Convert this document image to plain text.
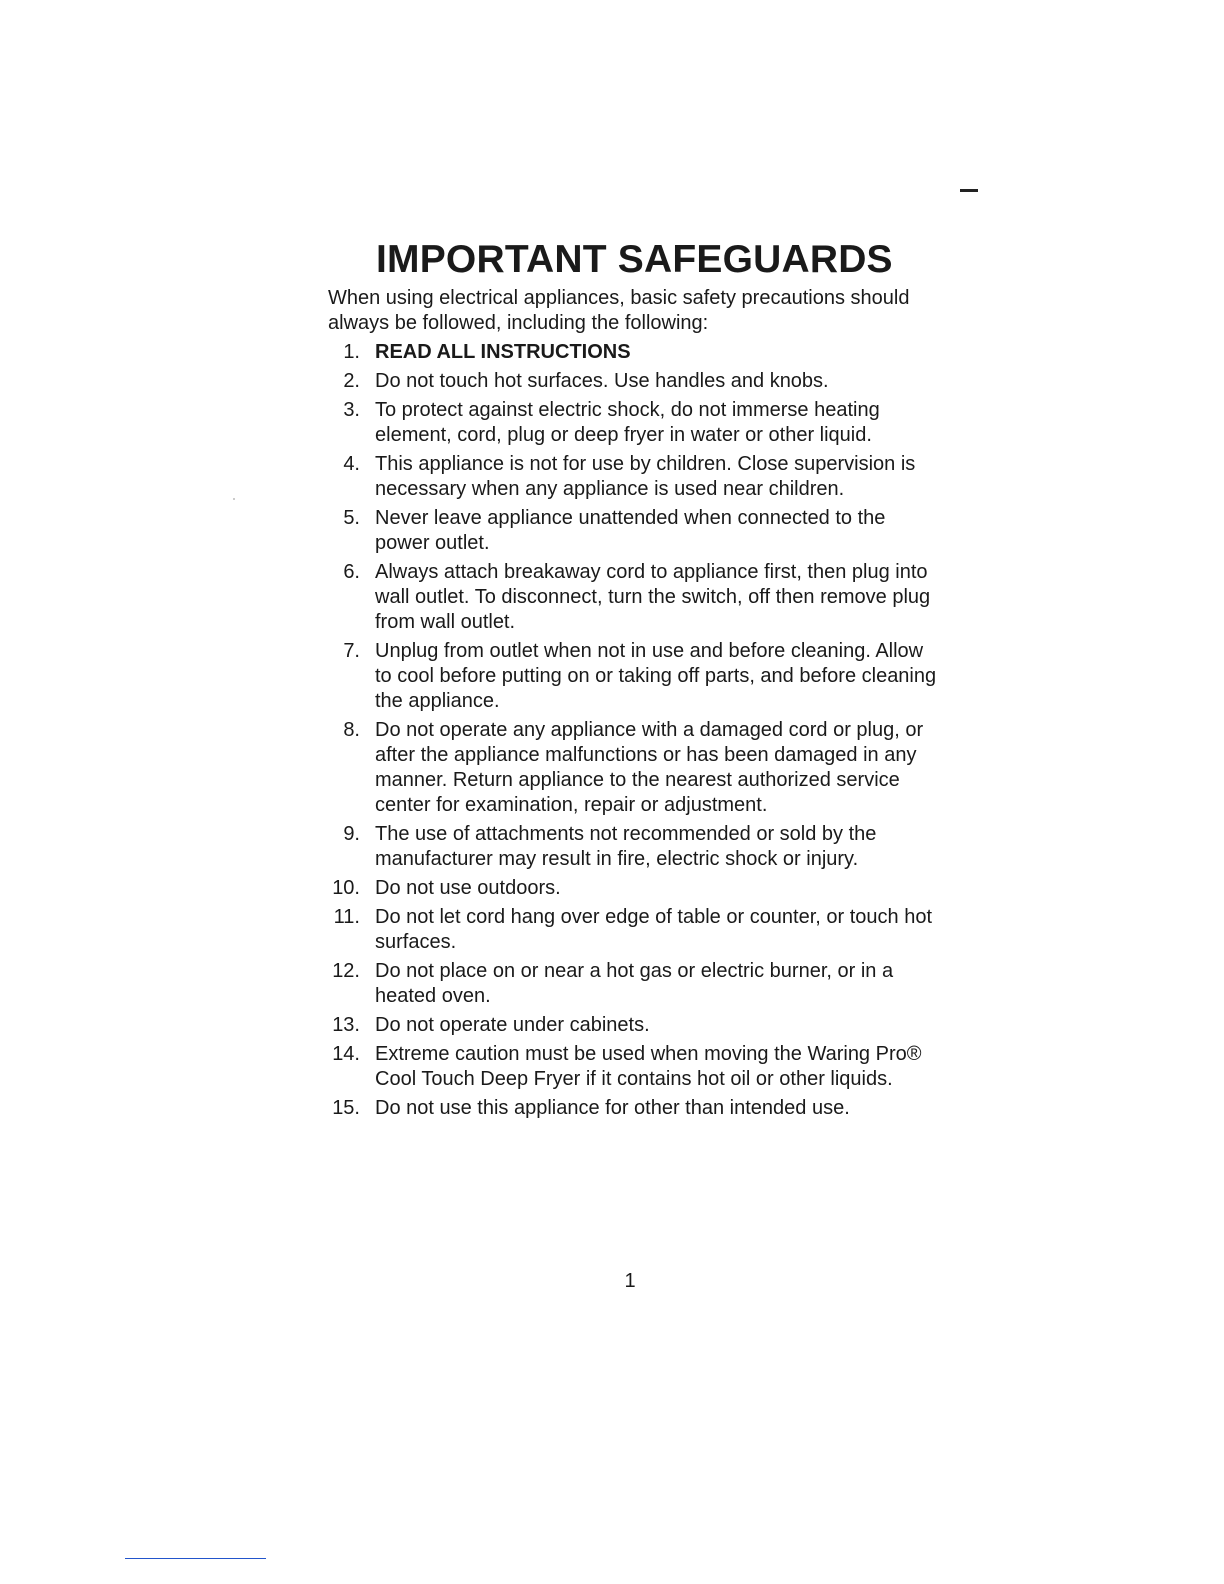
IMPORTANT SAFEGUARDS

When using electrical appliances, basic safety precautions should always be followed, including the following:

1. READ ALL INSTRUCTIONS
2. Do not touch hot surfaces. Use handles and knobs.
3. To protect against electric shock, do not immerse heating element, cord, plug or deep fryer in water or other liquid.
4. This appliance is not for use by children. Close supervision is necessary when any appliance is used near children.
5. Never leave appliance unattended when connected to the power outlet.
6. Always attach breakaway cord to appliance first, then plug into wall outlet. To disconnect, turn the switch, off then remove plug from wall outlet.
7. Unplug from outlet when not in use and before cleaning. Allow to cool before putting on or taking off parts, and before cleaning the appliance.
8. Do not operate any appliance with a damaged cord or plug, or after the appliance malfunctions or has been damaged in any manner. Return appliance to the nearest authorized service center for examination, repair or adjustment.
9. The use of attachments not recommended or sold by the manufacturer may result in fire, electric shock or injury.
10. Do not use outdoors.
11. Do not let cord hang over edge of table or counter, or touch hot surfaces.
12. Do not place on or near a hot gas or electric burner, or in a heated oven.
13. Do not operate under cabinets.
14. Extreme caution must be used when moving the Waring Pro® Cool Touch Deep Fryer if it contains hot oil or other liquids.
15. Do not use this appliance for other than intended use.
1
